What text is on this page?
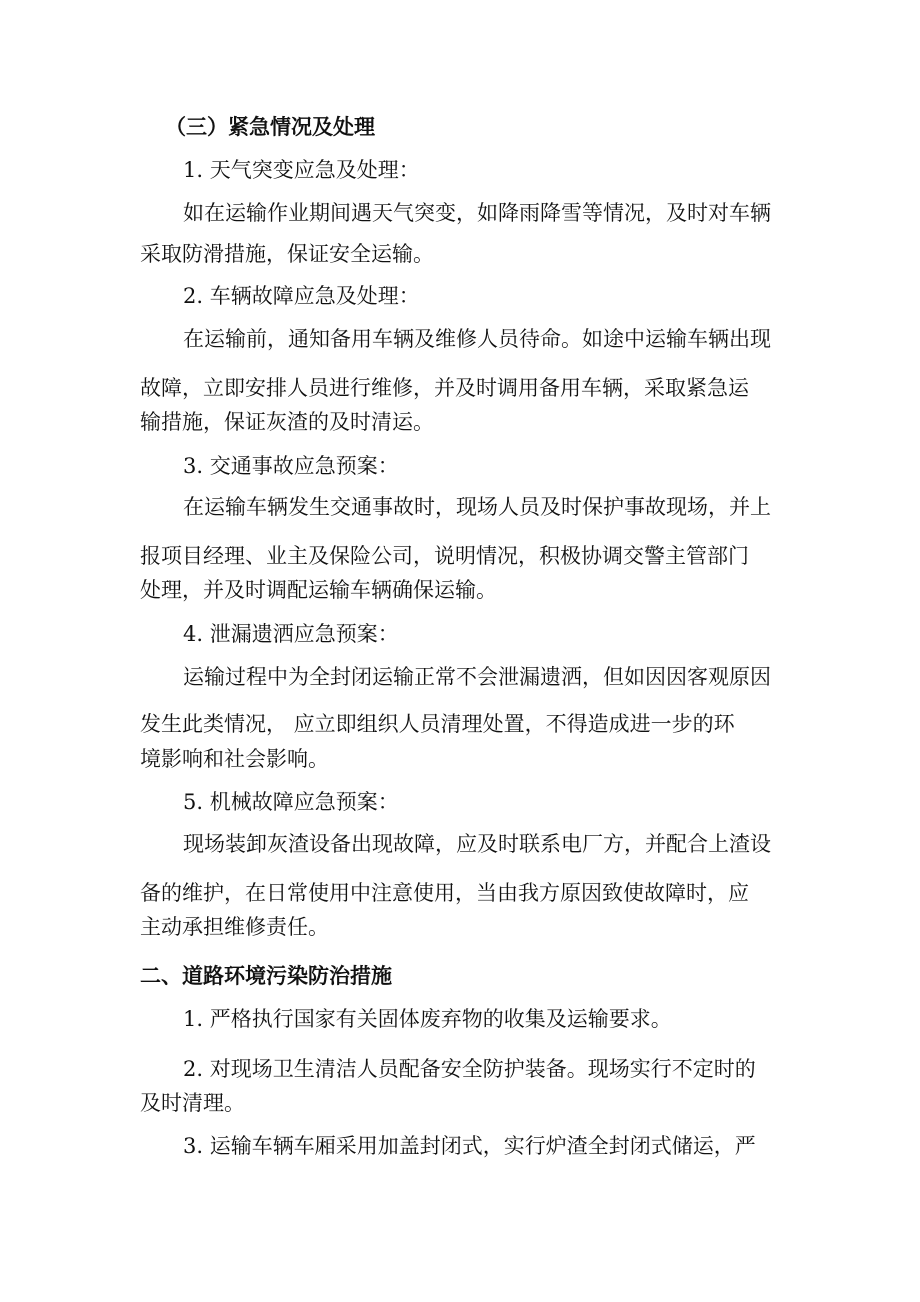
（三）紧急情况及处理

1. 天气突变应急及处理：

如在运输作业期间遇天气突变，如降雨降雪等情况，及时对车辆

采取防滑措施，保证安全运输。

2. 车辆故障应急及处理：

在运输前，通知备用车辆及维修人员待命。如途中运输车辆出现

故障，立即安排人员进行维修，并及时调用备用车辆，采取紧急运

输措施，保证灰渣的及时清运。

3. 交通事故应急预案：

在运输车辆发生交通事故时，现场人员及时保护事故现场，并上

报项目经理、业主及保险公司，说明情况，积极协调交警主管部门

处理，并及时调配运输车辆确保运输。

4. 泄漏遗洒应急预案：

运输过程中为全封闭运输正常不会泄漏遗洒，但如因因客观原因

发生此类情况， 应立即组织人员清理处置，不得造成进一步的环

境影响和社会影响。

5. 机械故障应急预案：

现场装卸灰渣设备出现故障，应及时联系电厂方，并配合上渣设

备的维护，在日常使用中注意使用，当由我方原因致使故障时，应

主动承担维修责任。

二、道路环境污染防治措施

1. 严格执行国家有关固体废弃物的收集及运输要求。

2. 对现场卫生清洁人员配备安全防护装备。现场实行不定时的

及时清理。

3. 运输车辆车厢采用加盖封闭式，实行炉渣全封闭式储运，严
